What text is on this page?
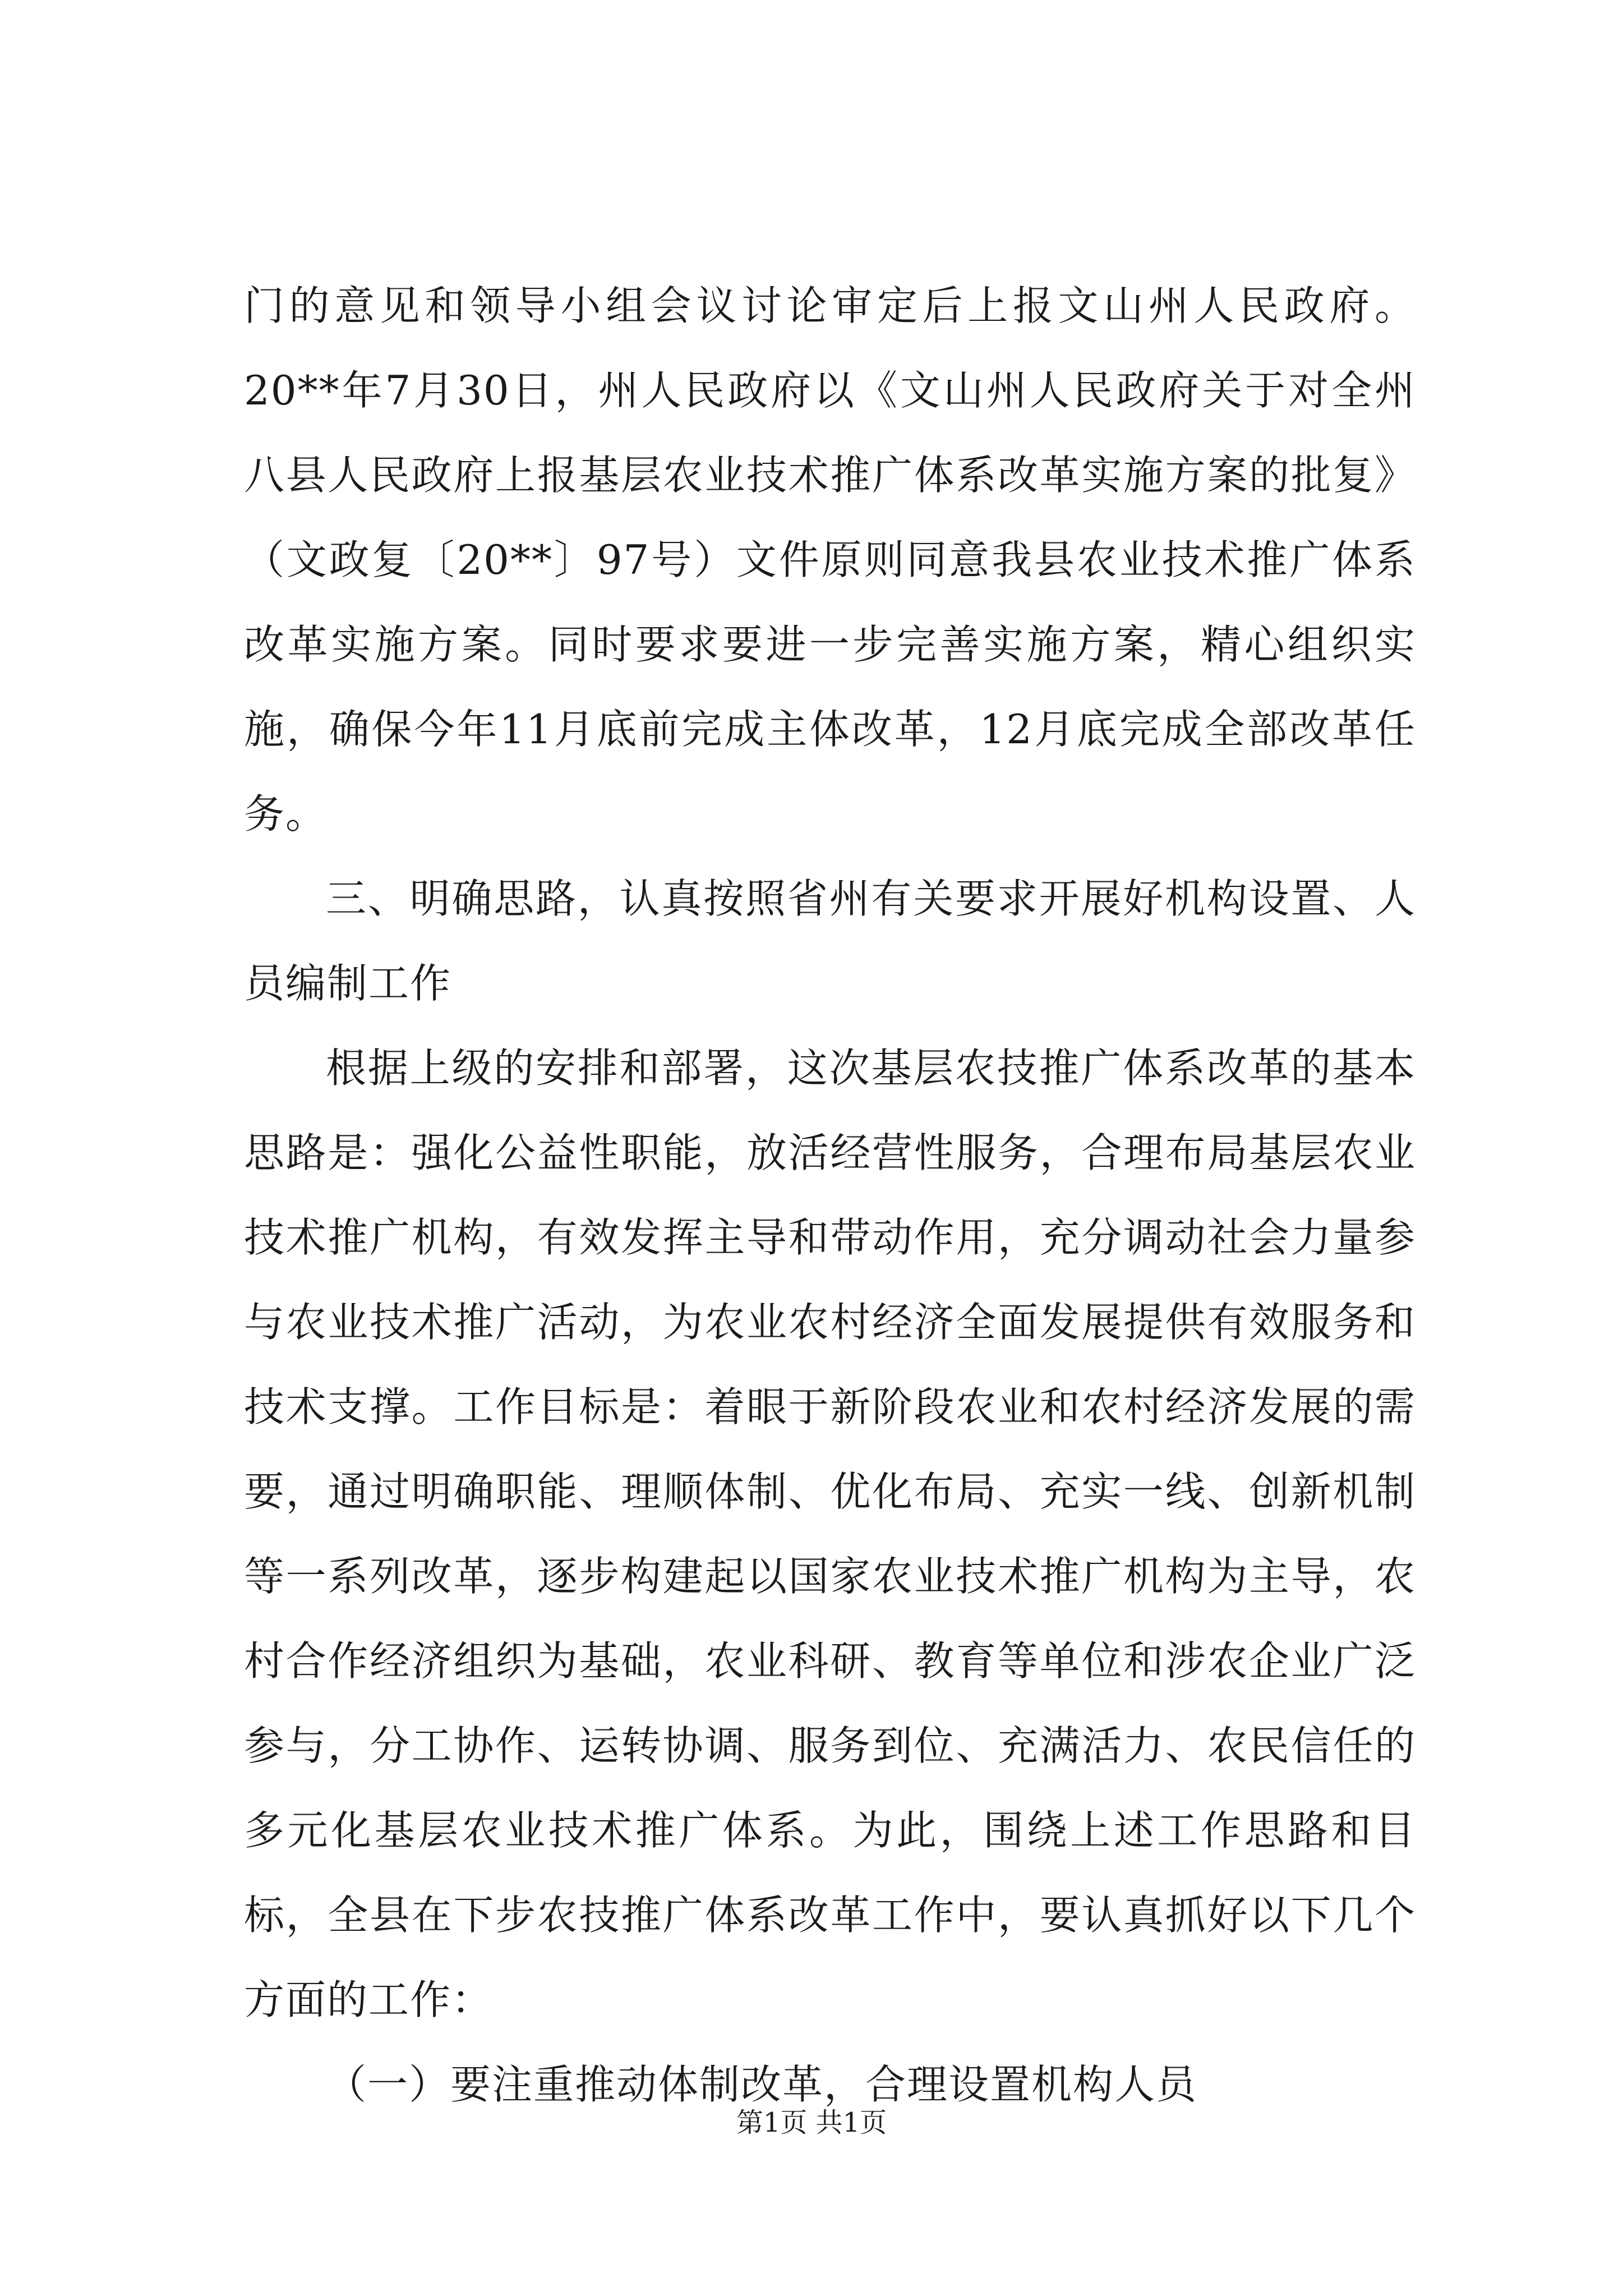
门的意见和领导小组会议讨论审定后上报文山州人民政府。20**年7月30日，州人民政府以《文山州人民政府关于对全州八县人民政府上报基层农业技术推广体系改革实施方案的批复》（文政复〔20**〕97号）文件原则同意我县农业技术推广体系改革实施方案。同时要求要进一步完善实施方案，精心组织实施，确保今年11月底前完成主体改革，12月底完成全部改革任务。

三、明确思路，认真按照省州有关要求开展好机构设置、人员编制工作

根据上级的安排和部署，这次基层农技推广体系改革的基本思路是：强化公益性职能，放活经营性服务，合理布局基层农业技术推广机构，有效发挥主导和带动作用，充分调动社会力量参与农业技术推广活动，为农业农村经济全面发展提供有效服务和技术支撑。工作目标是：着眼于新阶段农业和农村经济发展的需要，通过明确职能、理顺体制、优化布局、充实一线、创新机制等一系列改革，逐步构建起以国家农业技术推广机构为主导，农村合作经济组织为基础，农业科研、教育等单位和涉农企业广泛参与，分工协作、运转协调、服务到位、充满活力、农民信任的多元化基层农业技术推广体系。为此，围绕上述工作思路和目标，全县在下步农技推广体系改革工作中，要认真抓好以下几个方面的工作：

（一）要注重推动体制改革，合理设置机构人员

第1页 共1页
